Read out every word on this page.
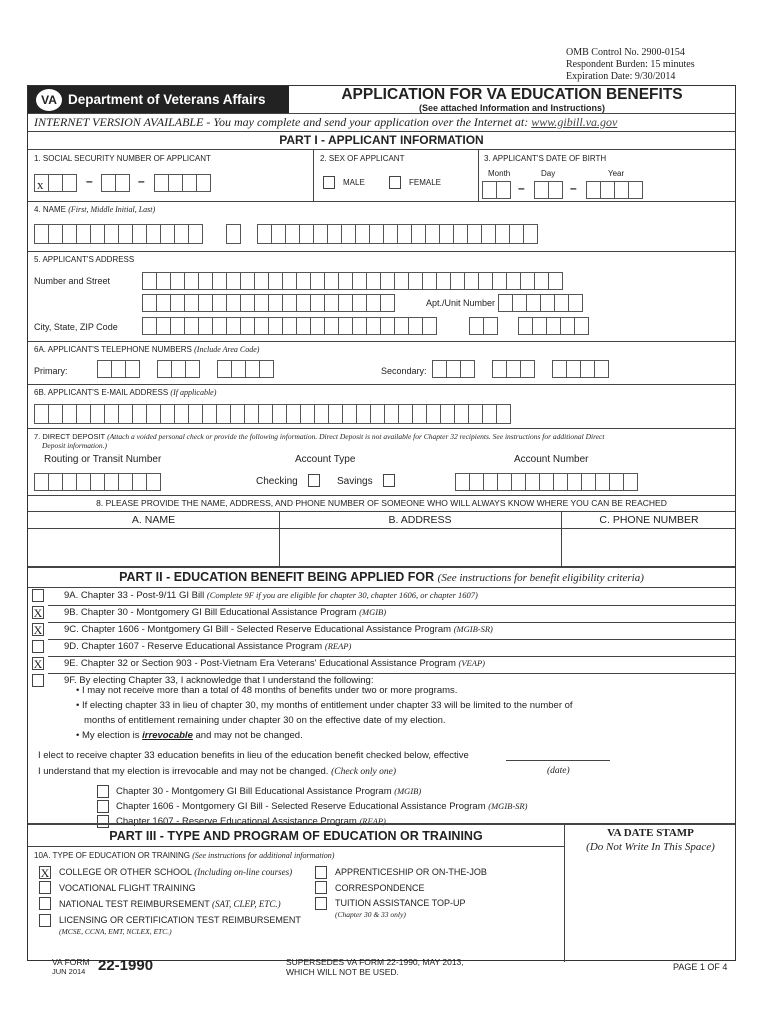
OMB Control No. 2900-0154
Respondent Burden: 15 minutes
Expiration Date: 9/30/2014
VA Department of Veterans Affairs	APPLICATION FOR VA EDUCATION BENEFITS
(See attached Information and Instructions)
INTERNET VERSION AVAILABLE - You may complete and send your application over the Internet at: www.gibill.va.gov
PART I - APPLICANT INFORMATION
1. SOCIAL SECURITY NUMBER OF APPLICANT
x	–	–
2. SEX OF APPLICANT
MALE	FEMALE
3. APPLICANT'S DATE OF BIRTH
Month	Day	Year
–	–
4. NAME (First, Middle Initial, Last)
5. APPLICANT'S ADDRESS
Number and Street
Apt./Unit Number
City, State, ZIP Code
6A. APPLICANT'S TELEPHONE NUMBERS (Include Area Code)
Primary:	Secondary:
6B. APPLICANT'S E-MAIL ADDRESS (If applicable)
7. DIRECT DEPOSIT (Attach a voided personal check or provide the following information. Direct Deposit is not available for Chapter 32 recipients. See instructions for additional Direct
Deposit information.)
Routing or Transit Number	Account Type	Account Number
Checking	Savings
8. PLEASE PROVIDE THE NAME, ADDRESS, AND PHONE NUMBER OF SOMEONE WHO WILL ALWAYS KNOW WHERE YOU CAN BE REACHED
A. NAME	B. ADDRESS	C. PHONE NUMBER
PART II - EDUCATION BENEFIT BEING APPLIED FOR (See instructions for benefit eligibility criteria)
9A. Chapter 33 - Post-9/11 GI Bill (Complete 9F if you are eligible for chapter 30, chapter 1606, or chapter 1607)
X 9B. Chapter 30 - Montgomery GI Bill Educational Assistance Program (MGIB)
X 9C. Chapter 1606 - Montgomery GI Bill - Selected Reserve Educational Assistance Program (MGIB-SR)
9D. Chapter 1607 - Reserve Educational Assistance Program (REAP)
X 9E. Chapter 32 or Section 903 - Post-Vietnam Era Veterans' Educational Assistance Program (VEAP)
9F. By electing Chapter 33, I acknowledge that I understand the following:
• I may not receive more than a total of 48 months of benefits under two or more programs.
• If electing chapter 33 in lieu of chapter 30, my months of entitlement under chapter 33 will be limited to the number of
months of entitlement remaining under chapter 30 on the effective date of my election.
• My election is irrevocable and may not be changed.
I elect to receive chapter 33 education benefits in lieu of the education benefit checked below, effective
I understand that my election is irrevocable and may not be changed. (Check only one)	(date)
Chapter 30 - Montgomery GI Bill Educational Assistance Program (MGIB)
Chapter 1606 - Montgomery GI Bill - Selected Reserve Educational Assistance Program (MGIB-SR)
Chapter 1607 - Reserve Educational Assistance Program (REAP)
PART III - TYPE AND PROGRAM OF EDUCATION OR TRAINING	VA DATE STAMP
(Do Not Write In This Space)
10A. TYPE OF EDUCATION OR TRAINING (See instructions for additional information)
X COLLEGE OR OTHER SCHOOL (Including on-line courses)
VOCATIONAL FLIGHT TRAINING
NATIONAL TEST REIMBURSEMENT (SAT, CLEP, ETC.)
LICENSING OR CERTIFICATION TEST REIMBURSEMENT
(MCSE, CCNA, EMT, NCLEX, ETC.)
APPRENTICESHIP OR ON-THE-JOB
CORRESPONDENCE
TUITION ASSISTANCE TOP-UP
(Chapter 30 & 33 only)
VA FORM
JUN 2014 22-1990	SUPERSEDES VA FORM 22-1990, MAY 2013,
WHICH WILL NOT BE USED.	PAGE 1 OF 4
